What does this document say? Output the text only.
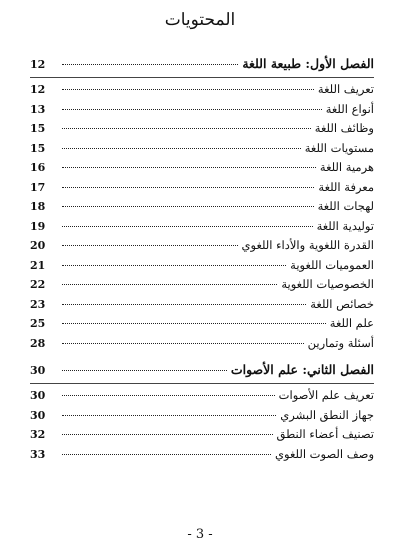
المحتويات
الفصل الأول: طبيعة اللغة
12
تعريف اللغة
12
أنواع اللغة
13
وظائف اللغة
15
مستويات اللغة
15
هرمية اللغة
16
معرفة اللغة
17
لهجات اللغة
18
توليدية اللغة
19
القدرة اللغوية والأداء اللغوي
20
العموميات اللغوية
21
الخصوصيات اللغوية
22
خصائص اللغة
23
علم اللغة
25
أسئلة وتمارين
28
الفصل الثاني: علم الأصوات
30
تعريف علم الأصوات
30
جهاز النطق البشري
30
تصنيف أعضاء النطق
32
وصف الصوت اللغوي
33
- 3 -
